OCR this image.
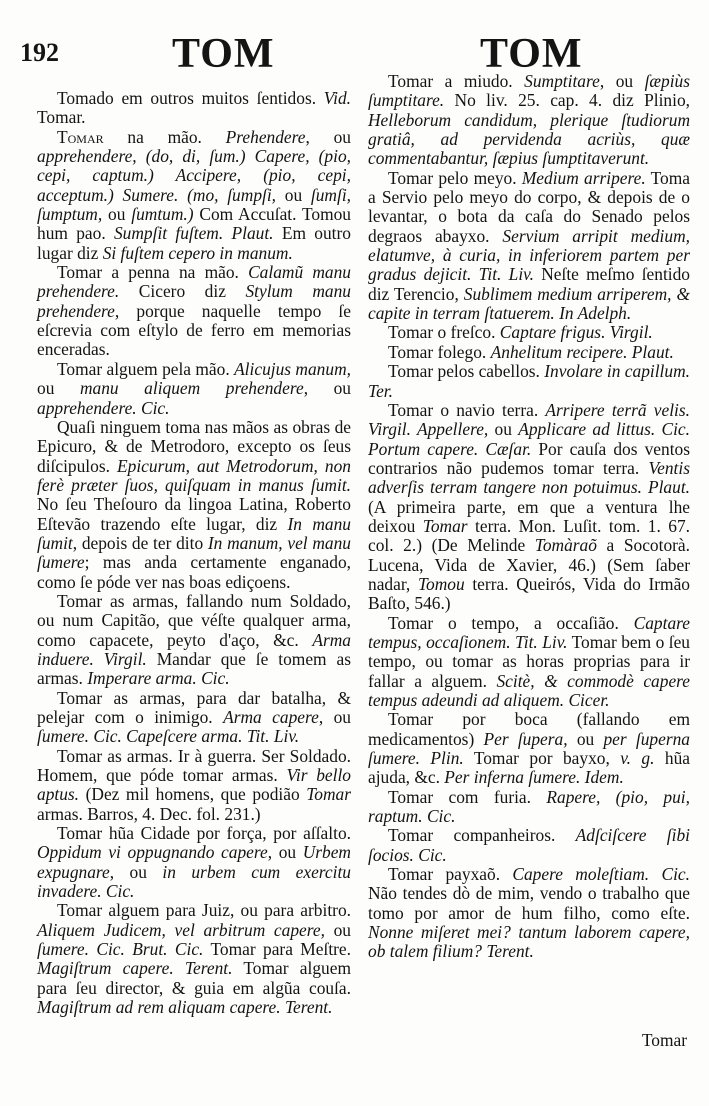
192	TOM	TOM

Tomado em outros muitos ſentidos. Vid. Tomar.

Tomar na mão. Prehendere, ou apprehendere, (do, di, ſum.) Capere, (pio, cepi, captum.) Accipere, (pio, cepi, acceptum.) Sumere. (mo, ſumpſi, ou ſumſi, ſumptum, ou ſumtum.) Com Accuſat. Tomou hum pao. Sumpſit fuſtem. Plaut. Em outro lugar diz Si fuſtem cepero in manum.

Tomar a penna na mão. Calamũ manu prehendere. Cicero diz Stylum manu prehendere, porque naquelle tempo ſe eſcrevia com eſtylo de ferro em memorias enceradas.

Tomar alguem pela mão. Alicujus manum, ou manu aliquem prehendere, ou apprehendere. Cic.

Quaſi ninguem toma nas mãos as obras de Epicuro, & de Metrodoro, excepto os ſeus diſcipulos. Epicurum, aut Metrodorum, non ferè præter ſuos, quiſquam in manus ſumit. No ſeu Theſouro da lingoa Latina, Roberto Eſtevão trazendo eſte lugar, diz In manu ſumit, depois de ter dito In manum, vel manu ſumere; mas anda certamente enganado, como ſe póde ver nas boas ediçoens.

Tomar as armas, fallando num Soldado, ou num Capitão, que véſte qualquer arma, como capacete, peyto d'aço, &c. Arma induere. Virgil. Mandar que ſe tomem as armas. Imperare arma. Cic.

Tomar as armas, para dar batalha, & pelejar com o inimigo. Arma capere, ou ſumere. Cic. Capeſcere arma. Tit. Liv.

Tomar as armas. Ir à guerra. Ser Soldado. Homem, que póde tomar armas. Vir bello aptus. (Dez mil homens, que podião Tomar armas. Barros, 4. Dec. fol. 231.)

Tomar hũa Cidade por força, por aſſalto. Oppidum vi oppugnando capere, ou Urbem expugnare, ou in urbem cum exercitu invadere. Cic.

Tomar alguem para Juiz, ou para arbitro. Aliquem Judicem, vel arbitrum capere, ou ſumere. Cic. Brut. Cic. Tomar para Meſtre. Magiſtrum capere. Terent. Tomar alguem para ſeu director, & guia em algũa couſa. Magiſtrum ad rem aliquam capere. Terent.

Tomar a miudo. Sumptitare, ou ſæpiùs ſumptitare. No liv. 25. cap. 4. diz Plinio, Helleborum candidum, plerique ſtudiorum gratiâ, ad pervidenda acriùs, quæ commentabantur, ſæpius ſumptitaverunt.

Tomar pelo meyo. Medium arripere. Toma a Servio pelo meyo do corpo, & depois de o levantar, o bota da caſa do Senado pelos degraos abayxo. Servium arripit medium, elatumve, à curia, in inferiorem partem per gradus dejicit. Tit. Liv. Neſte meſmo ſentido diz Terencio, Sublimem medium arriperem, & capite in terram ſtatuerem. In Adelph.

Tomar o freſco. Captare frigus. Virgil.

Tomar folego. Anhelitum recipere. Plaut.

Tomar pelos cabellos. Involare in capillum. Ter.

Tomar o navio terra. Arripere terrã velis. Virgil. Appellere, ou Applicare ad littus. Cic. Portum capere. Cæſar. Por cauſa dos ventos contrarios não pudemos tomar terra. Ventis adverſis terram tangere non potuimus. Plaut. (A primeira parte, em que a ventura lhe deixou Tomar terra. Mon. Luſit. tom. 1. 67. col. 2.) (De Melinde Tomàraõ a Socotorà. Lucena, Vida de Xavier, 46.) (Sem ſaber nadar, Tomou terra. Queirós, Vida do Irmão Baſto, 546.)

Tomar o tempo, a occaſião. Captare tempus, occaſionem. Tit. Liv. Tomar bem o ſeu tempo, ou tomar as horas proprias para ir fallar a alguem. Scitè, & commodè capere tempus adeundi ad aliquem. Cicer.

Tomar por boca (fallando em medicamentos) Per ſupera, ou per ſuperna ſumere. Plin. Tomar por bayxo, v. g. hũa ajuda, &c. Per inferna ſumere. Idem.

Tomar com furia. Rapere, (pio, pui, raptum. Cic.

Tomar companheiros. Adſciſcere ſibi ſocios. Cic.

Tomar payxaõ. Capere moleſtiam. Cic. Não tendes dò de mim, vendo o trabalho que tomo por amor de hum filho, como eſte. Nonne miſeret mei? tantum laborem capere, ob talem filium? Terent.

Tomar
